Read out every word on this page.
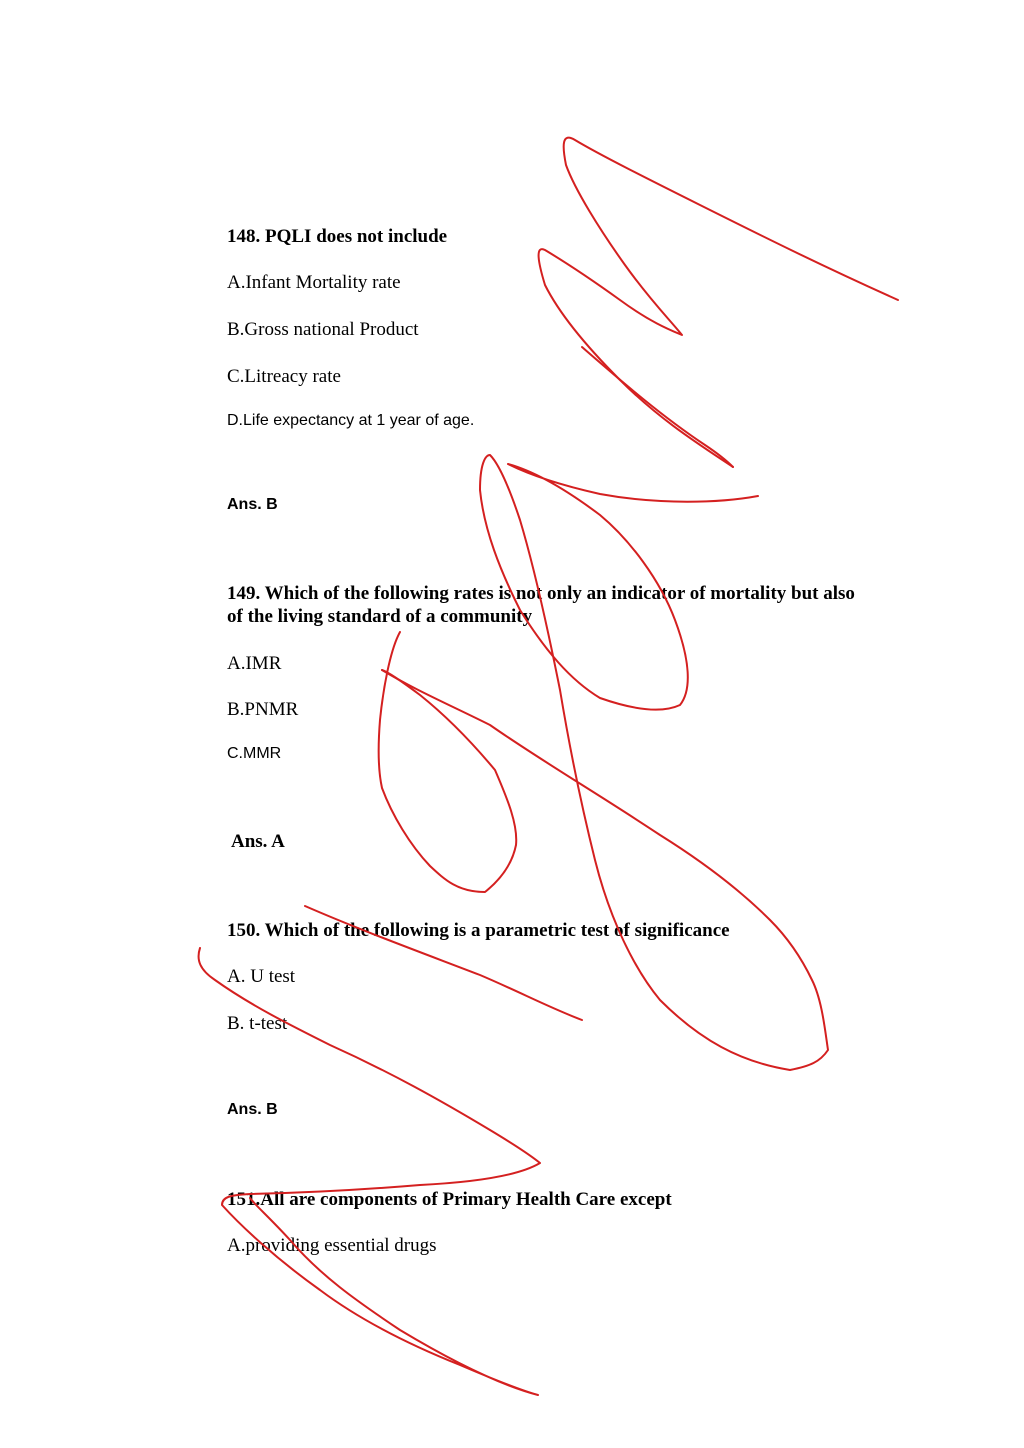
148. PQLI does not include

A.Infant Mortality rate

B.Gross national Product

C.Litreacy rate

D.Life expectancy at 1 year of age.

Ans. B

149. Which of the following rates is not only an indicator of mortality but also

of the living standard of a community

A.IMR

B.PNMR

C.MMR

Ans. A

150. Which of the following is a parametric test of significance

A. U test

B. t-test

Ans. B

151.All are components of Primary Health Care except

A.providing essential drugs
